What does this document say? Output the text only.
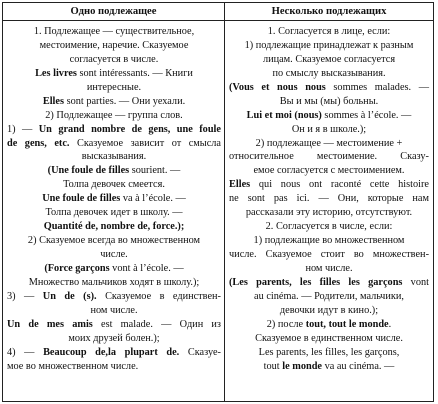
Одно подлежащее	Несколько подлежащих
1. Подлежащее — существительное,
местоимение, наречие. Сказуемое
согласуется в числе.
Les livres sont intéressants. — Книги
интересные.
Elles sont parties. — Они уехали.
2) Подлежащее — группа слов.
1) — Un grand nombre de gens, une foule
de gens, etc. Сказуемое зависит от смысла
высказывания.
(Une foule de filles sourient. —
Толпа девочек смеется.
Une foule de filles va à l’école. —
Толпа девочек идет в школу. —
Quantité de, nombre de, force.);
2) Сказуемое всегда во множественном
числе.
(Force garçons vont à l’école. —
Множество мальчиков ходят в школу.);
3) — Un de (s). Сказуемое в единствен-
ном числе.
Un de mes amis est malade. — Один из
моих друзей болен.);
4) — Beaucoup de,la plupart de. Сказуе-
мое во множественном числе.
1. Согласуется в лице, если:
1) подлежащие принадлежат к разным
лицам. Сказуемое согласуется
по смыслу высказывания.
(Vous et nous nous sommes malades. —
Вы и мы (мы) больны.
Lui et moi (nous) sommes à l’école. —
Он и я в школе.);
2) подлежащее — местоимение +
относительное местоимение. Сказу-
емое согласуется с местоимением.
Elles qui nous ont raconté cette histoire
ne sont pas ici. — Они, которые нам
рассказали эту историю, отсутствуют.
2. Согласуется в числе, если:
1) подлежащие во множественном
числе. Сказуемое стоит во множествен-
ном числе.
(Les parents, les filles les garçons vont
au cinéma. — Родители, мальчики,
девочки идут в кино.);
2) после tout, tout le monde.
Сказуемое в единственном числе.
Les parents, les filles, les garçons,
tout le monde va au cinéma. —
